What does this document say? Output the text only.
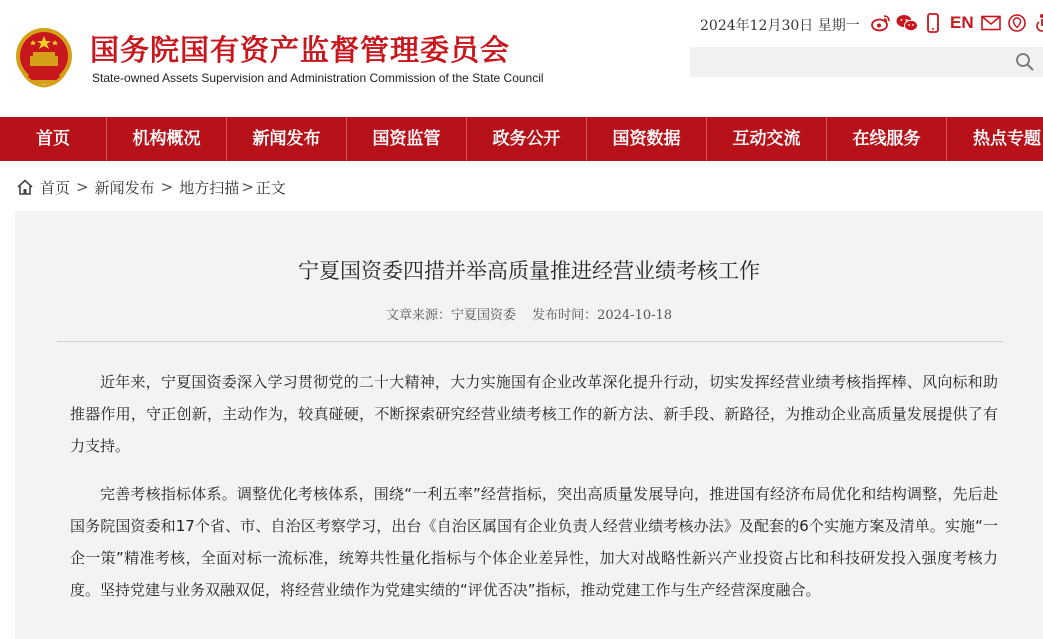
国务院国有资产监督管理委员会
State-owned Assets Supervision and Administration Commission of the State Council
2024年12月30日 星期一	EN
首页	机构概况	新闻发布	国资监管	政务公开	国资数据	互动交流	在线服务	热点专题
首页 > 新闻发布 > 地方扫描 > 正文
宁夏国资委四措并举高质量推进经营业绩考核工作
文章来源：宁夏国资委 发布时间：2024-10-18

近年来，宁夏国资委深入学习贯彻党的二十大精神，大力实施国有企业改革深化提升行动，切实发挥经营业绩考核指挥棒、风向标和助推器作用，守正创新，主动作为，较真碰硬，不断探索研究经营业绩考核工作的新方法、新手段、新路径，为推动企业高质量发展提供了有力支持。

完善考核指标体系。调整优化考核体系，围绕“一利五率”经营指标，突出高质量发展导向，推进国有经济布局优化和结构调整，先后赴国务院国资委和17个省、市、自治区考察学习，出台《自治区属国有企业负责人经营业绩考核办法》及配套的6个实施方案及清单。实施“一企一策”精准考核，全面对标一流标准，统筹共性量化指标与个体企业差异性，加大对战略性新兴产业投资占比和科技研发投入强度考核力度。坚持党建与业务双融双促，将经营业绩作为党建实绩的“评优否决”指标，推动党建工作与生产经营深度融合。
